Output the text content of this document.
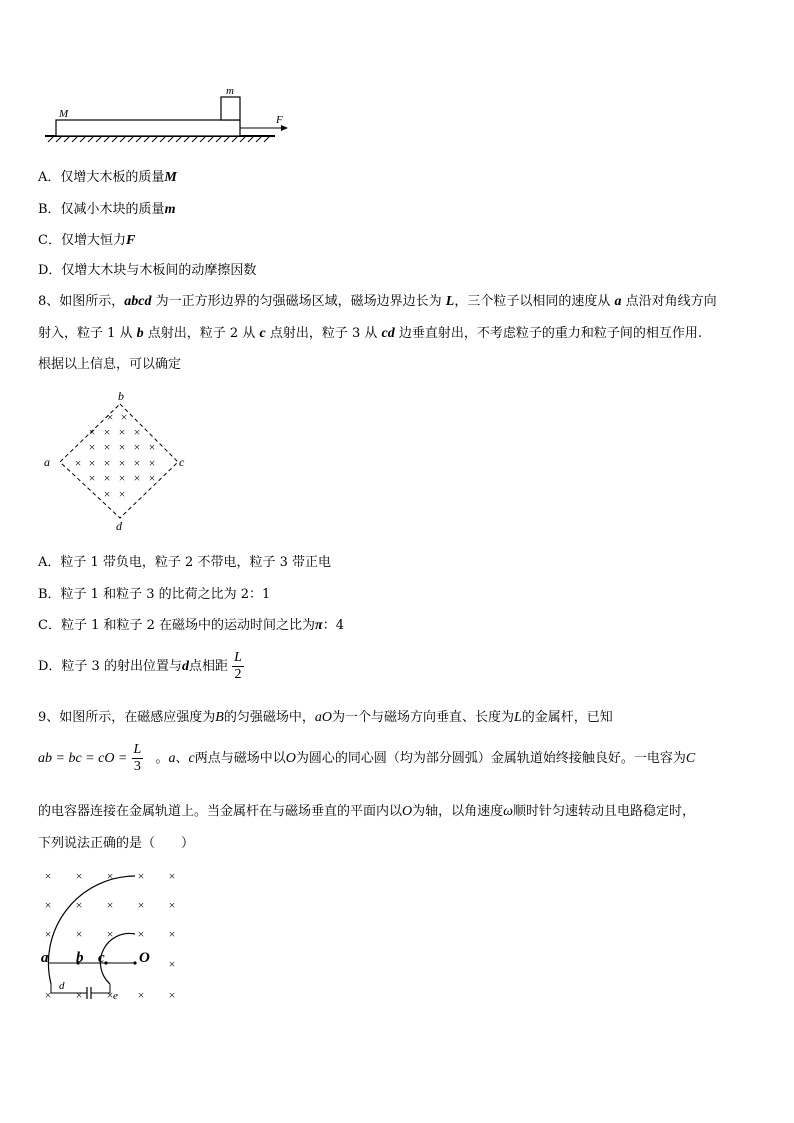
M
m
F
A．仅增大木板的质量M
B．仅减小木块的质量m
C．仅增大恒力F
D．仅增大木块与木板间的动摩擦因数
8、如图所示，abcd 为一正方形边界的匀强磁场区域，磁场边界边长为 L，三个粒子以相同的速度从 a 点沿对角线方向
射入，粒子 1 从 b 点射出，粒子 2 从 c 点射出，粒子 3 从 cd 边垂直射出，不考虑粒子的重力和粒子间的相互作用.
根据以上信息，可以确定
× ×
× × × ×
× × × × ×
× × × × × ×
× × × × ×
× ×
b
a	c
d
A．粒子 1 带负电，粒子 2 不带电，粒子 3 带正电
B．粒子 1 和粒子 3 的比荷之比为 2：1
C．粒子 1 和粒子 2 在磁场中的运动时间之比为π：4
D．粒子 3 的射出位置与d点相距 $\frac{L}{2}$
9、如图所示，在磁感应强度为B的匀强磁场中，aO为一个与磁场方向垂直、长度为L的金属杆，已知
ab = bc = cO = $\frac{L}{3}$ 。a、c两点与磁场中以O为圆心的同心圆（均为部分圆弧）金属轨道始终接触良好。一电容为C
的电容器连接在金属轨道上。当金属杆在与磁场垂直的平面内以O为轴，以角速度ω顺时针匀速转动且电路稳定时，
下列说法正确的是（　　）
× × × × ×
× × × × ×
× × × × ×
× × × × ×
×
a b c O
d
e
